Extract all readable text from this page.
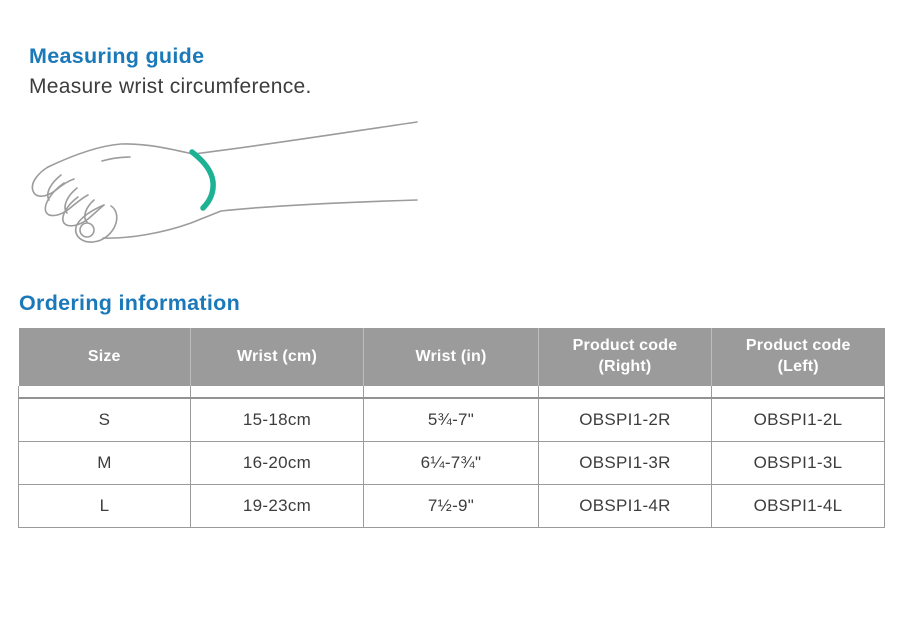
Measuring guide

Measure wrist circumference.

Ordering information
Size	Wrist (cm)	Wrist (in)	Product code (Right)	Product code (Left)

S	15-18cm	5¾-7"	OBSPI1-2R	OBSPI1-2L
M	16-20cm	6¼-7¾"	OBSPI1-3R	OBSPI1-3L
L	19-23cm	7½-9"	OBSPI1-4R	OBSPI1-4L
